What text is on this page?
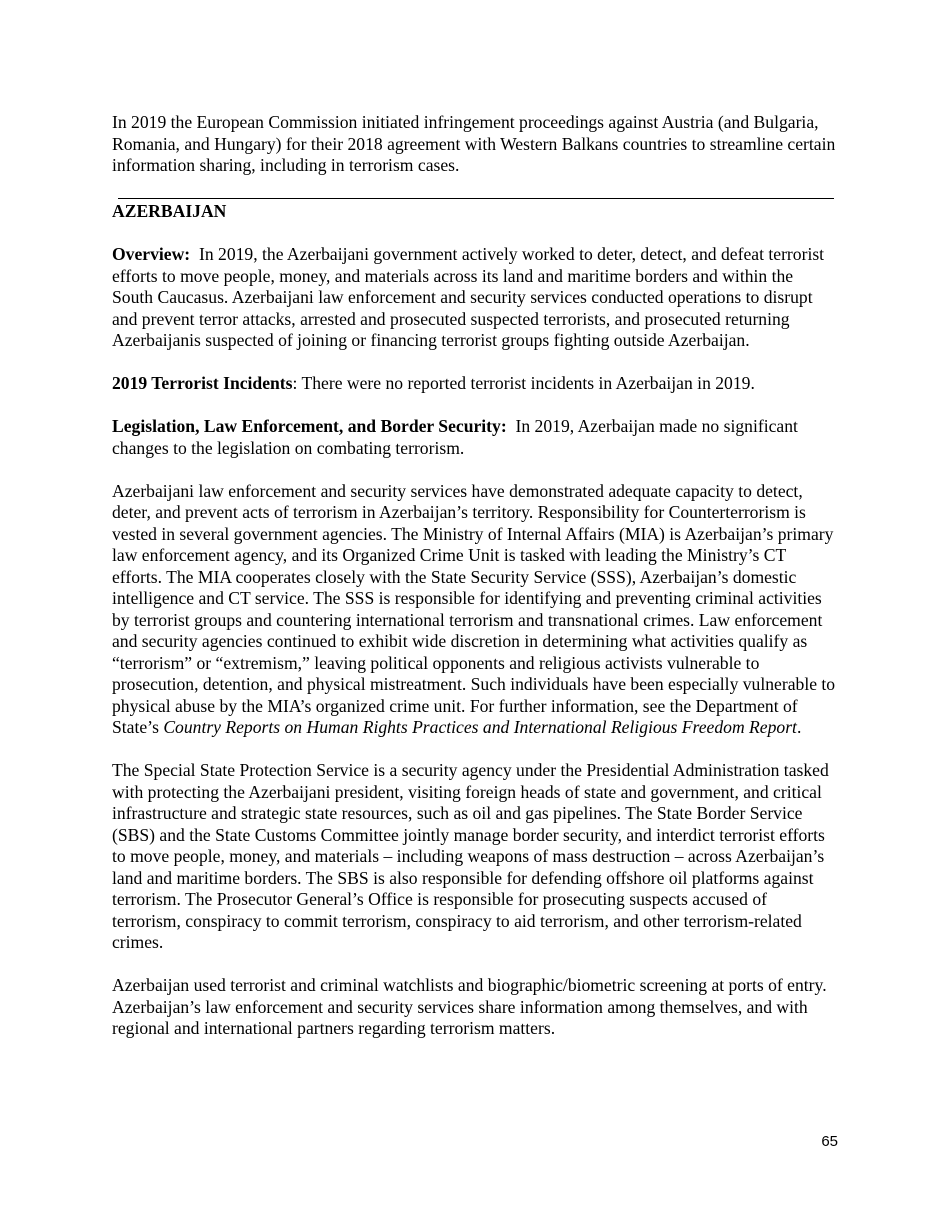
In 2019 the European Commission initiated infringement proceedings against Austria (and Bulgaria, Romania, and Hungary) for their 2018 agreement with Western Balkans countries to streamline certain information sharing, including in terrorism cases.

AZERBAIJAN

Overview: In 2019, the Azerbaijani government actively worked to deter, detect, and defeat terrorist efforts to move people, money, and materials across its land and maritime borders and within the South Caucasus. Azerbaijani law enforcement and security services conducted operations to disrupt and prevent terror attacks, arrested and prosecuted suspected terrorists, and prosecuted returning Azerbaijanis suspected of joining or financing terrorist groups fighting outside Azerbaijan.

2019 Terrorist Incidents: There were no reported terrorist incidents in Azerbaijan in 2019.

Legislation, Law Enforcement, and Border Security: In 2019, Azerbaijan made no significant changes to the legislation on combating terrorism.

Azerbaijani law enforcement and security services have demonstrated adequate capacity to detect, deter, and prevent acts of terrorism in Azerbaijan’s territory. Responsibility for Counterterrorism is vested in several government agencies. The Ministry of Internal Affairs (MIA) is Azerbaijan’s primary law enforcement agency, and its Organized Crime Unit is tasked with leading the Ministry’s CT efforts. The MIA cooperates closely with the State Security Service (SSS), Azerbaijan’s domestic intelligence and CT service. The SSS is responsible for identifying and preventing criminal activities by terrorist groups and countering international terrorism and transnational crimes. Law enforcement and security agencies continued to exhibit wide discretion in determining what activities qualify as “terrorism” or “extremism,” leaving political opponents and religious activists vulnerable to prosecution, detention, and physical mistreatment. Such individuals have been especially vulnerable to physical abuse by the MIA’s organized crime unit. For further information, see the Department of State’s Country Reports on Human Rights Practices and International Religious Freedom Report.

The Special State Protection Service is a security agency under the Presidential Administration tasked with protecting the Azerbaijani president, visiting foreign heads of state and government, and critical infrastructure and strategic state resources, such as oil and gas pipelines. The State Border Service (SBS) and the State Customs Committee jointly manage border security, and interdict terrorist efforts to move people, money, and materials – including weapons of mass destruction – across Azerbaijan’s land and maritime borders. The SBS is also responsible for defending offshore oil platforms against terrorism. The Prosecutor General’s Office is responsible for prosecuting suspects accused of terrorism, conspiracy to commit terrorism, conspiracy to aid terrorism, and other terrorism-related crimes.

Azerbaijan used terrorist and criminal watchlists and biographic/biometric screening at ports of entry. Azerbaijan’s law enforcement and security services share information among themselves, and with regional and international partners regarding terrorism matters.

65
